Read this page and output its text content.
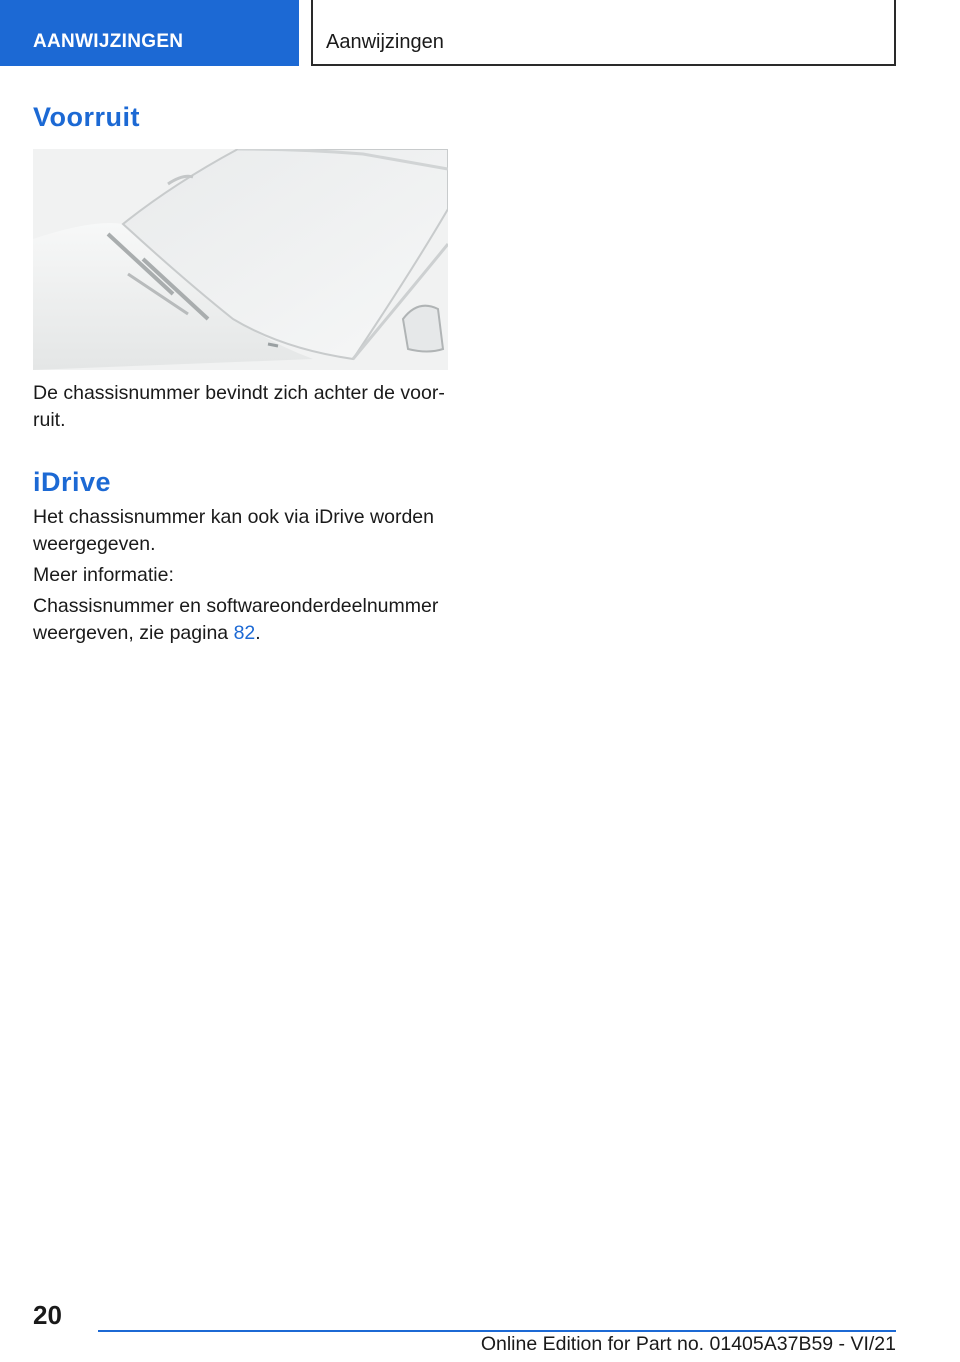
AANWIJZINGEN	Aanwijzingen
Voorruit

De chassisnummer bevindt zich achter de voor-
ruit.

iDrive

Het chassisnummer kan ook via iDrive worden
weergegeven.

Meer informatie:

Chassisnummer en softwareonderdeelnummer
weergeven, zie pagina 82.

20
Online Edition for Part no. 01405A37B59 - VI/21
